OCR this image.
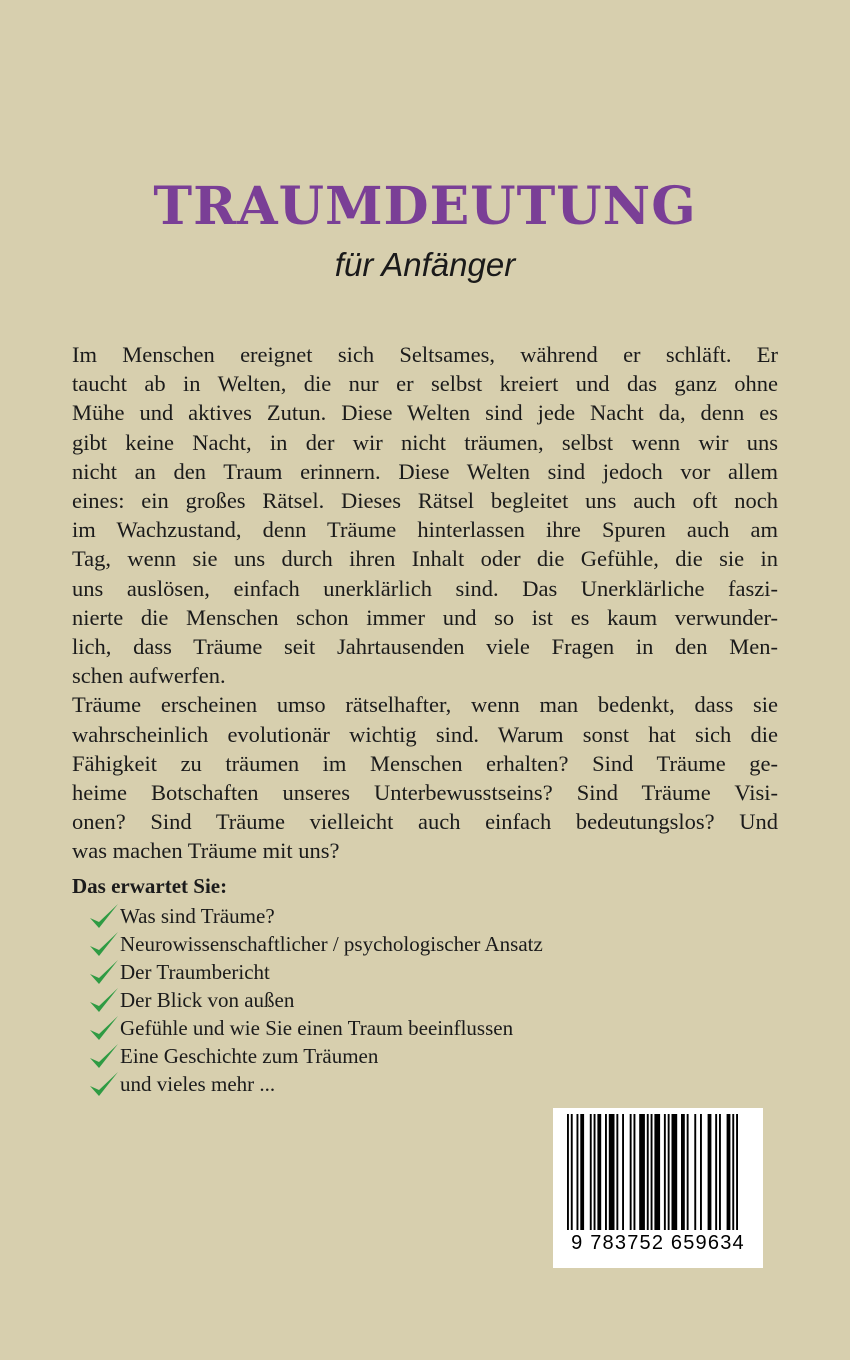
TRAUMDEUTUNG

für Anfänger

Im Menschen ereignet sich Seltsames, während er schläft. Er
taucht ab in Welten, die nur er selbst kreiert und das ganz ohne
Mühe und aktives Zutun. Diese Welten sind jede Nacht da, denn es
gibt keine Nacht, in der wir nicht träumen, selbst wenn wir uns
nicht an den Traum erinnern. Diese Welten sind jedoch vor allem
eines: ein großes Rätsel. Dieses Rätsel begleitet uns auch oft noch
im Wachzustand, denn Träume hinterlassen ihre Spuren auch am
Tag, wenn sie uns durch ihren Inhalt oder die Gefühle, die sie in
uns auslösen, einfach unerklärlich sind. Das Unerklärliche faszi-
nierte die Menschen schon immer und so ist es kaum verwunder-
lich, dass Träume seit Jahrtausenden viele Fragen in den Men-
schen aufwerfen.
Träume erscheinen umso rätselhafter, wenn man bedenkt, dass sie
wahrscheinlich evolutionär wichtig sind. Warum sonst hat sich die
Fähigkeit zu träumen im Menschen erhalten? Sind Träume ge-
heime Botschaften unseres Unterbewusstseins? Sind Träume Visi-
onen? Sind Träume vielleicht auch einfach bedeutungslos? Und
was machen Träume mit uns?
Das erwartet Sie:
Was sind Träume?
Neurowissenschaftlicher / psychologischer Ansatz
Der Traumbericht
Der Blick von außen
Gefühle und wie Sie einen Traum beeinflussen
Eine Geschichte zum Träumen
und vieles mehr ...
9 783752 659634
